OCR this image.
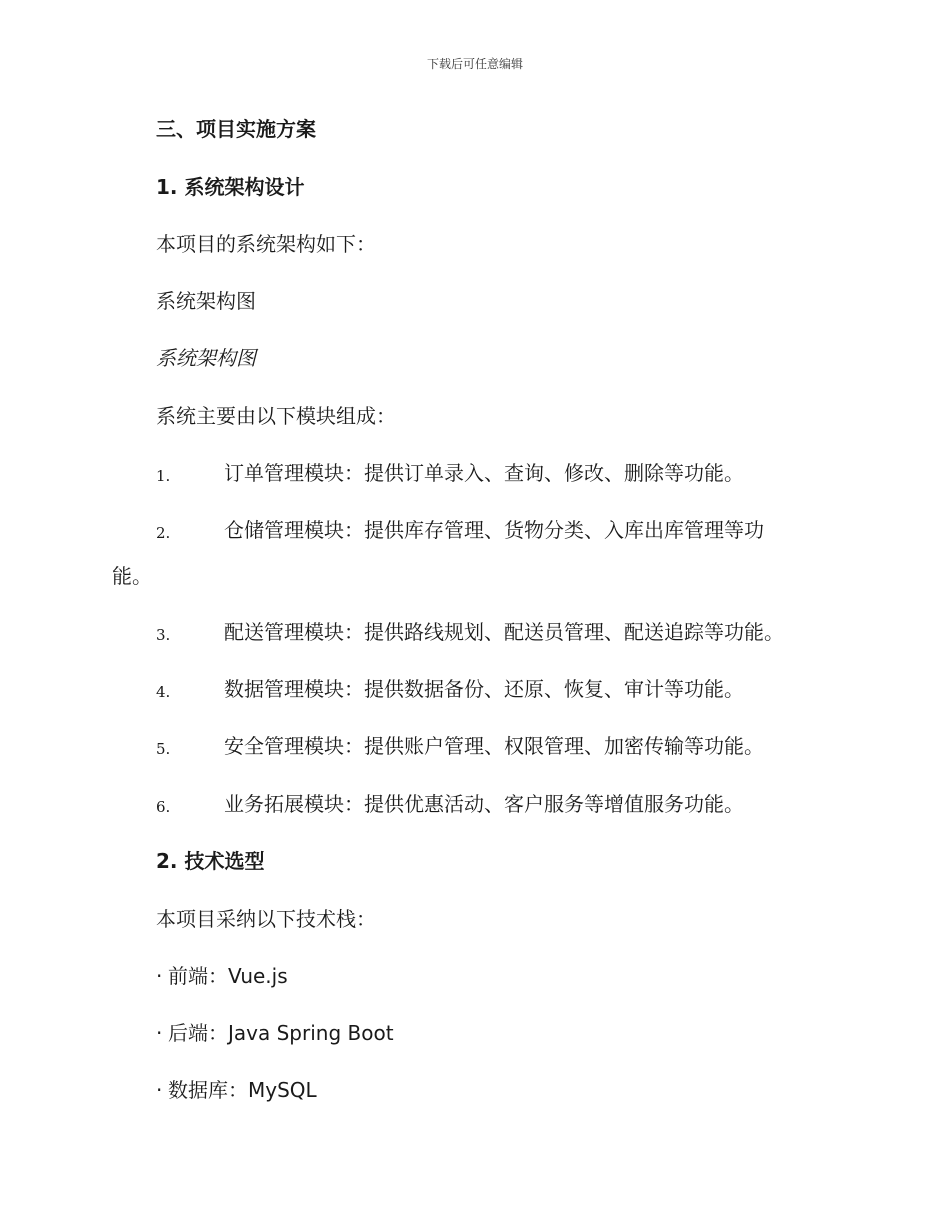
下载后可任意编辑
三、项目实施方案
1. 系统架构设计
本项目的系统架构如下：
系统架构图
系统架构图
系统主要由以下模块组成：
1.	订单管理模块：提供订单录入、查询、修改、删除等功能。
2.	仓储管理模块：提供库存管理、货物分类、入库出库管理等功
能。
3.	配送管理模块：提供路线规划、配送员管理、配送追踪等功能。
4.	数据管理模块：提供数据备份、还原、恢复、审计等功能。
5.	安全管理模块：提供账户管理、权限管理、加密传输等功能。
6.	业务拓展模块：提供优惠活动、客户服务等增值服务功能。
2. 技术选型
本项目采纳以下技术栈：
· 前端：Vue.js
· 后端：Java Spring Boot
· 数据库：MySQL
